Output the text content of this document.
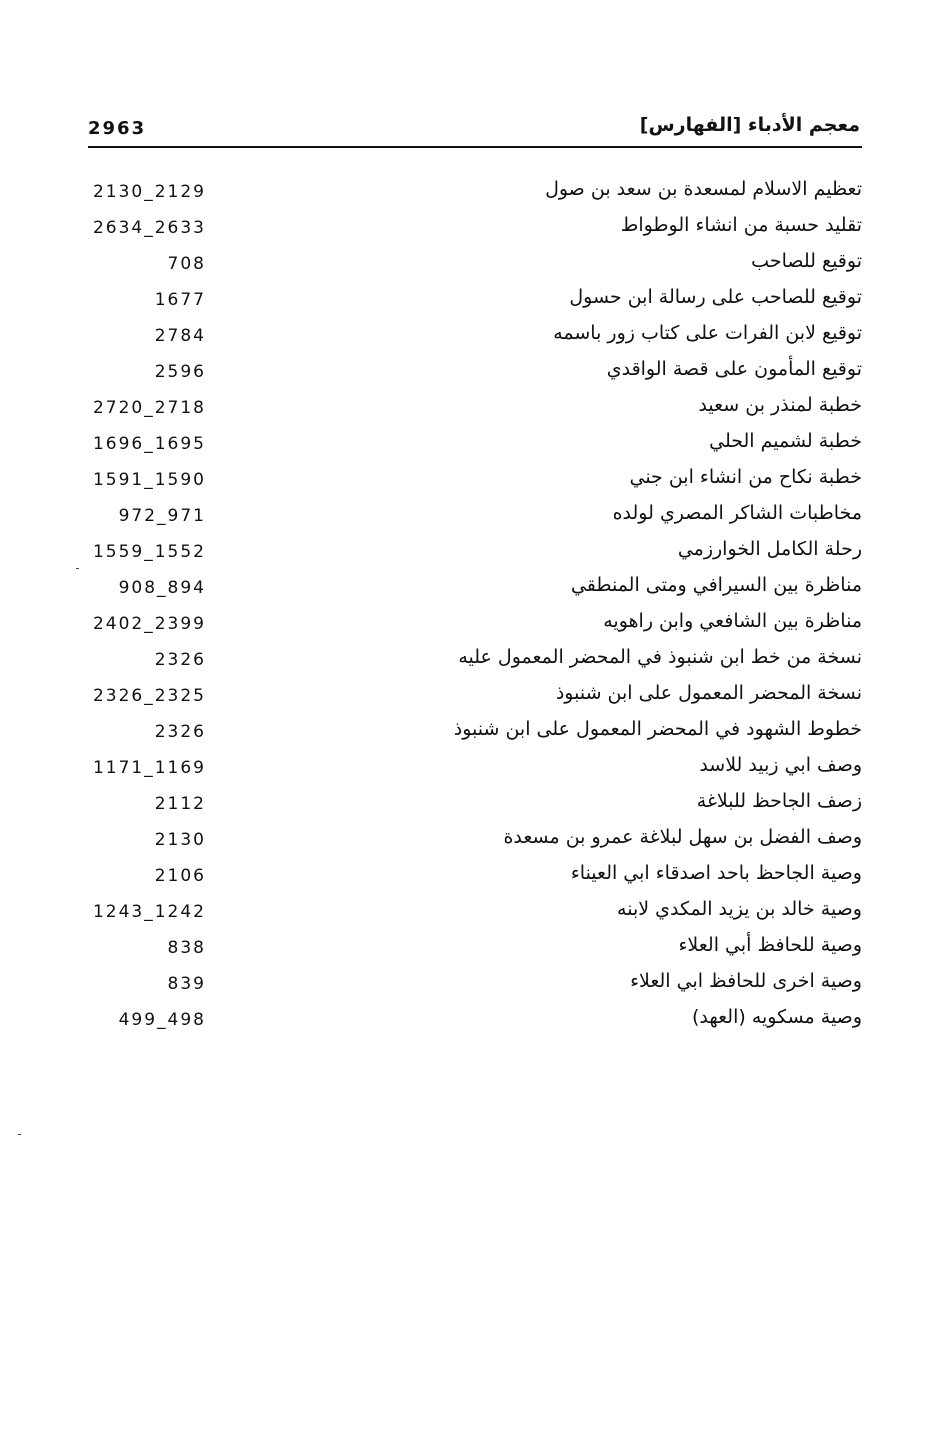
2963	معجم الأدباء [الفهارس]
تعظيم الاسلام لمسعدة بن سعد بن صول
2130_2129
تقليد حسبة من انشاء الوطواط
2634_2633
توقيع للصاحب
708
توقيع للصاحب على رسالة ابن حسول
1677
توقيع لابن الفرات على كتاب زور باسمه
2784
توقيع المأمون على قصة الواقدي
2596
خطبة لمنذر بن سعيد
2720_2718
خطبة لشميم الحلي
1696_1695
خطبة نكاح من انشاء ابن جني
1591_1590
مخاطبات الشاكر المصري لولده
972_971
رحلة الكامل الخوارزمي
1559_1552
مناظرة بين السيرافي ومتى المنطقي
908_894
مناظرة بين الشافعي وابن راهويه
2402_2399
نسخة من خط ابن شنبوذ في المحضر المعمول عليه
2326
نسخة المحضر المعمول على ابن شنبوذ
2326_2325
خطوط الشهود في المحضر المعمول على ابن شنبوذ
2326
وصف ابي زبيد للاسد
1171_1169
زصف الجاحظ للبلاغة
2112
وصف الفضل بن سهل لبلاغة عمرو بن مسعدة
2130
وصية الجاحظ باحد اصدقاء ابي العيناء
2106
وصية خالد بن يزيد المكدي لابنه
1243_1242
وصية للحافظ أبي العلاء
838
وصية اخرى للحافظ ابي العلاء
839
وصية مسكويه (العهد)
499_498
